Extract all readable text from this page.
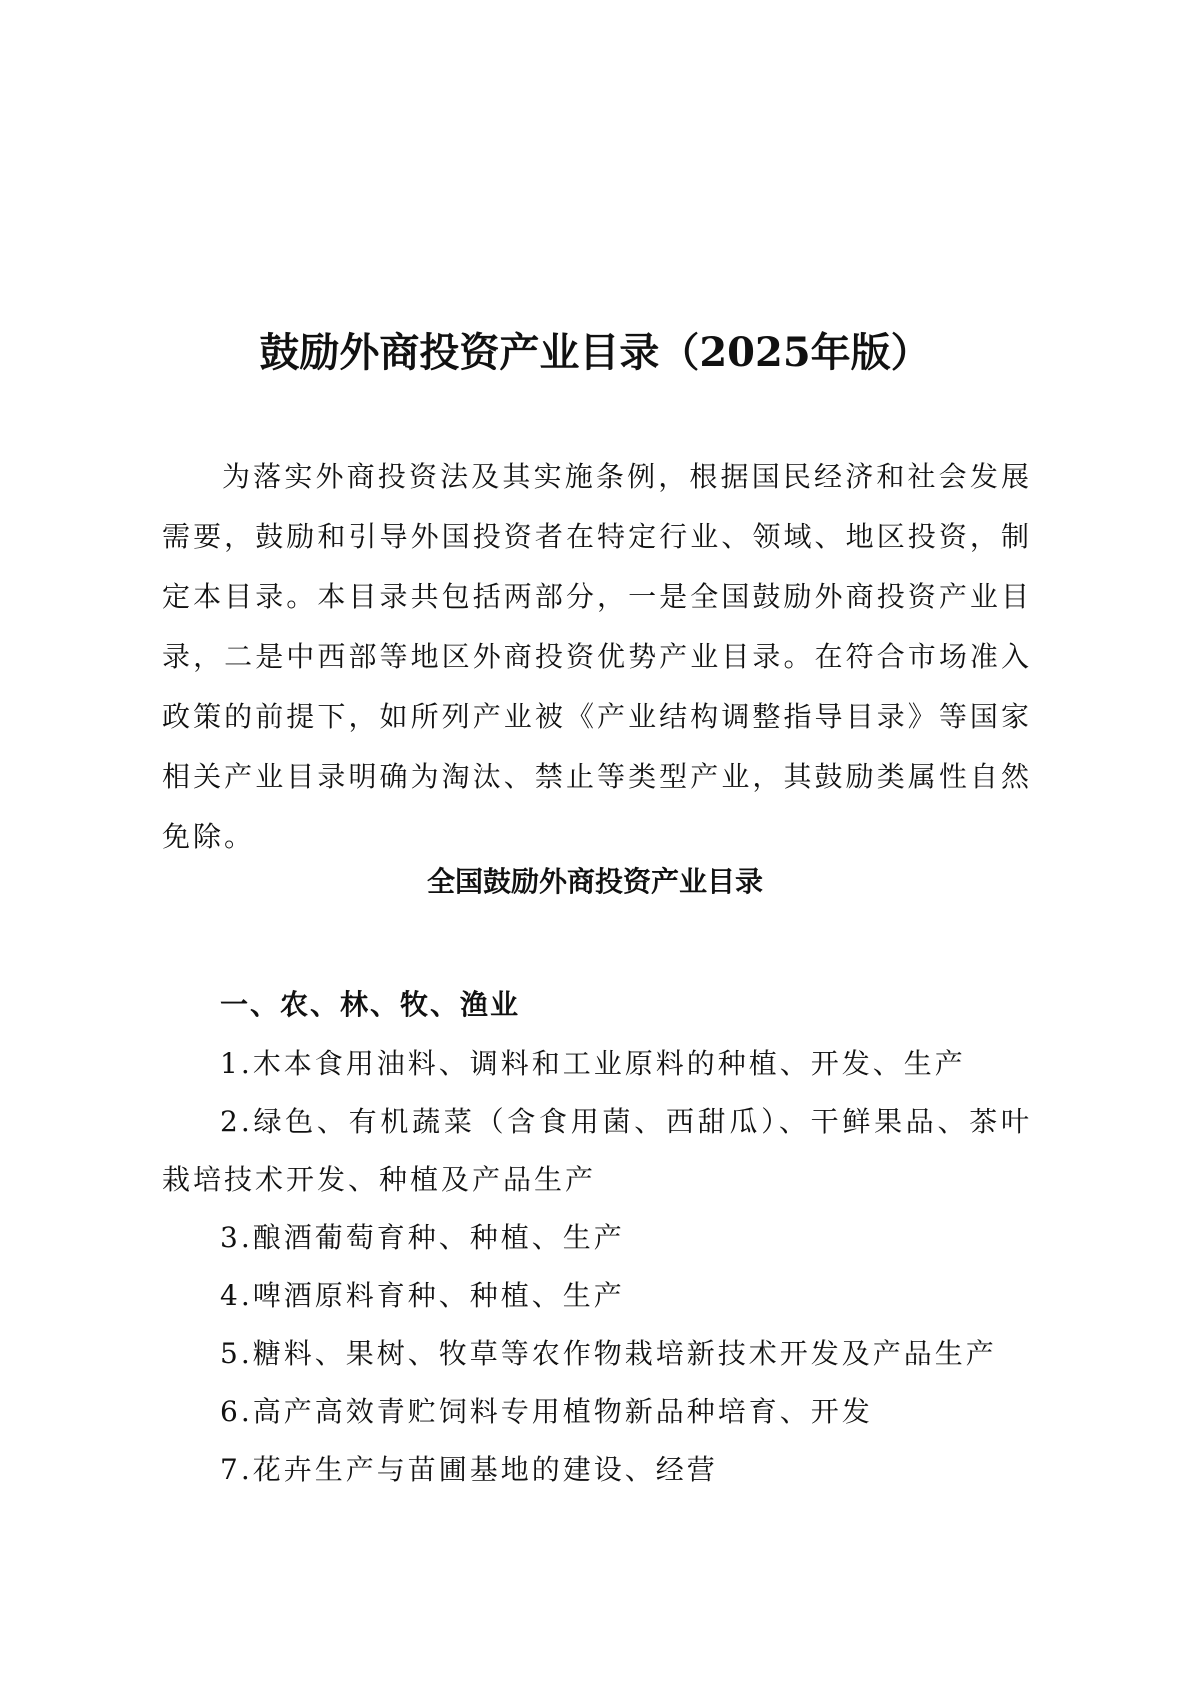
鼓励外商投资产业目录（2025年版）

为落实外商投资法及其实施条例，根据国民经济和社会发展需要，鼓励和引导外国投资者在特定行业、领域、地区投资，制定本目录。本目录共包括两部分，一是全国鼓励外商投资产业目录，二是中西部等地区外商投资优势产业目录。在符合市场准入政策的前提下，如所列产业被《产业结构调整指导目录》等国家相关产业目录明确为淘汰、禁止等类型产业，其鼓励类属性自然免除。

全国鼓励外商投资产业目录
一、农、林、牧、渔业
1.木本食用油料、调料和工业原料的种植、开发、生产
2.绿色、有机蔬菜（含食用菌、西甜瓜）、干鲜果品、茶叶栽培技术开发、种植及产品生产
3.酿酒葡萄育种、种植、生产
4.啤酒原料育种、种植、生产
5.糖料、果树、牧草等农作物栽培新技术开发及产品生产
6.高产高效青贮饲料专用植物新品种培育、开发
7.花卉生产与苗圃基地的建设、经营
